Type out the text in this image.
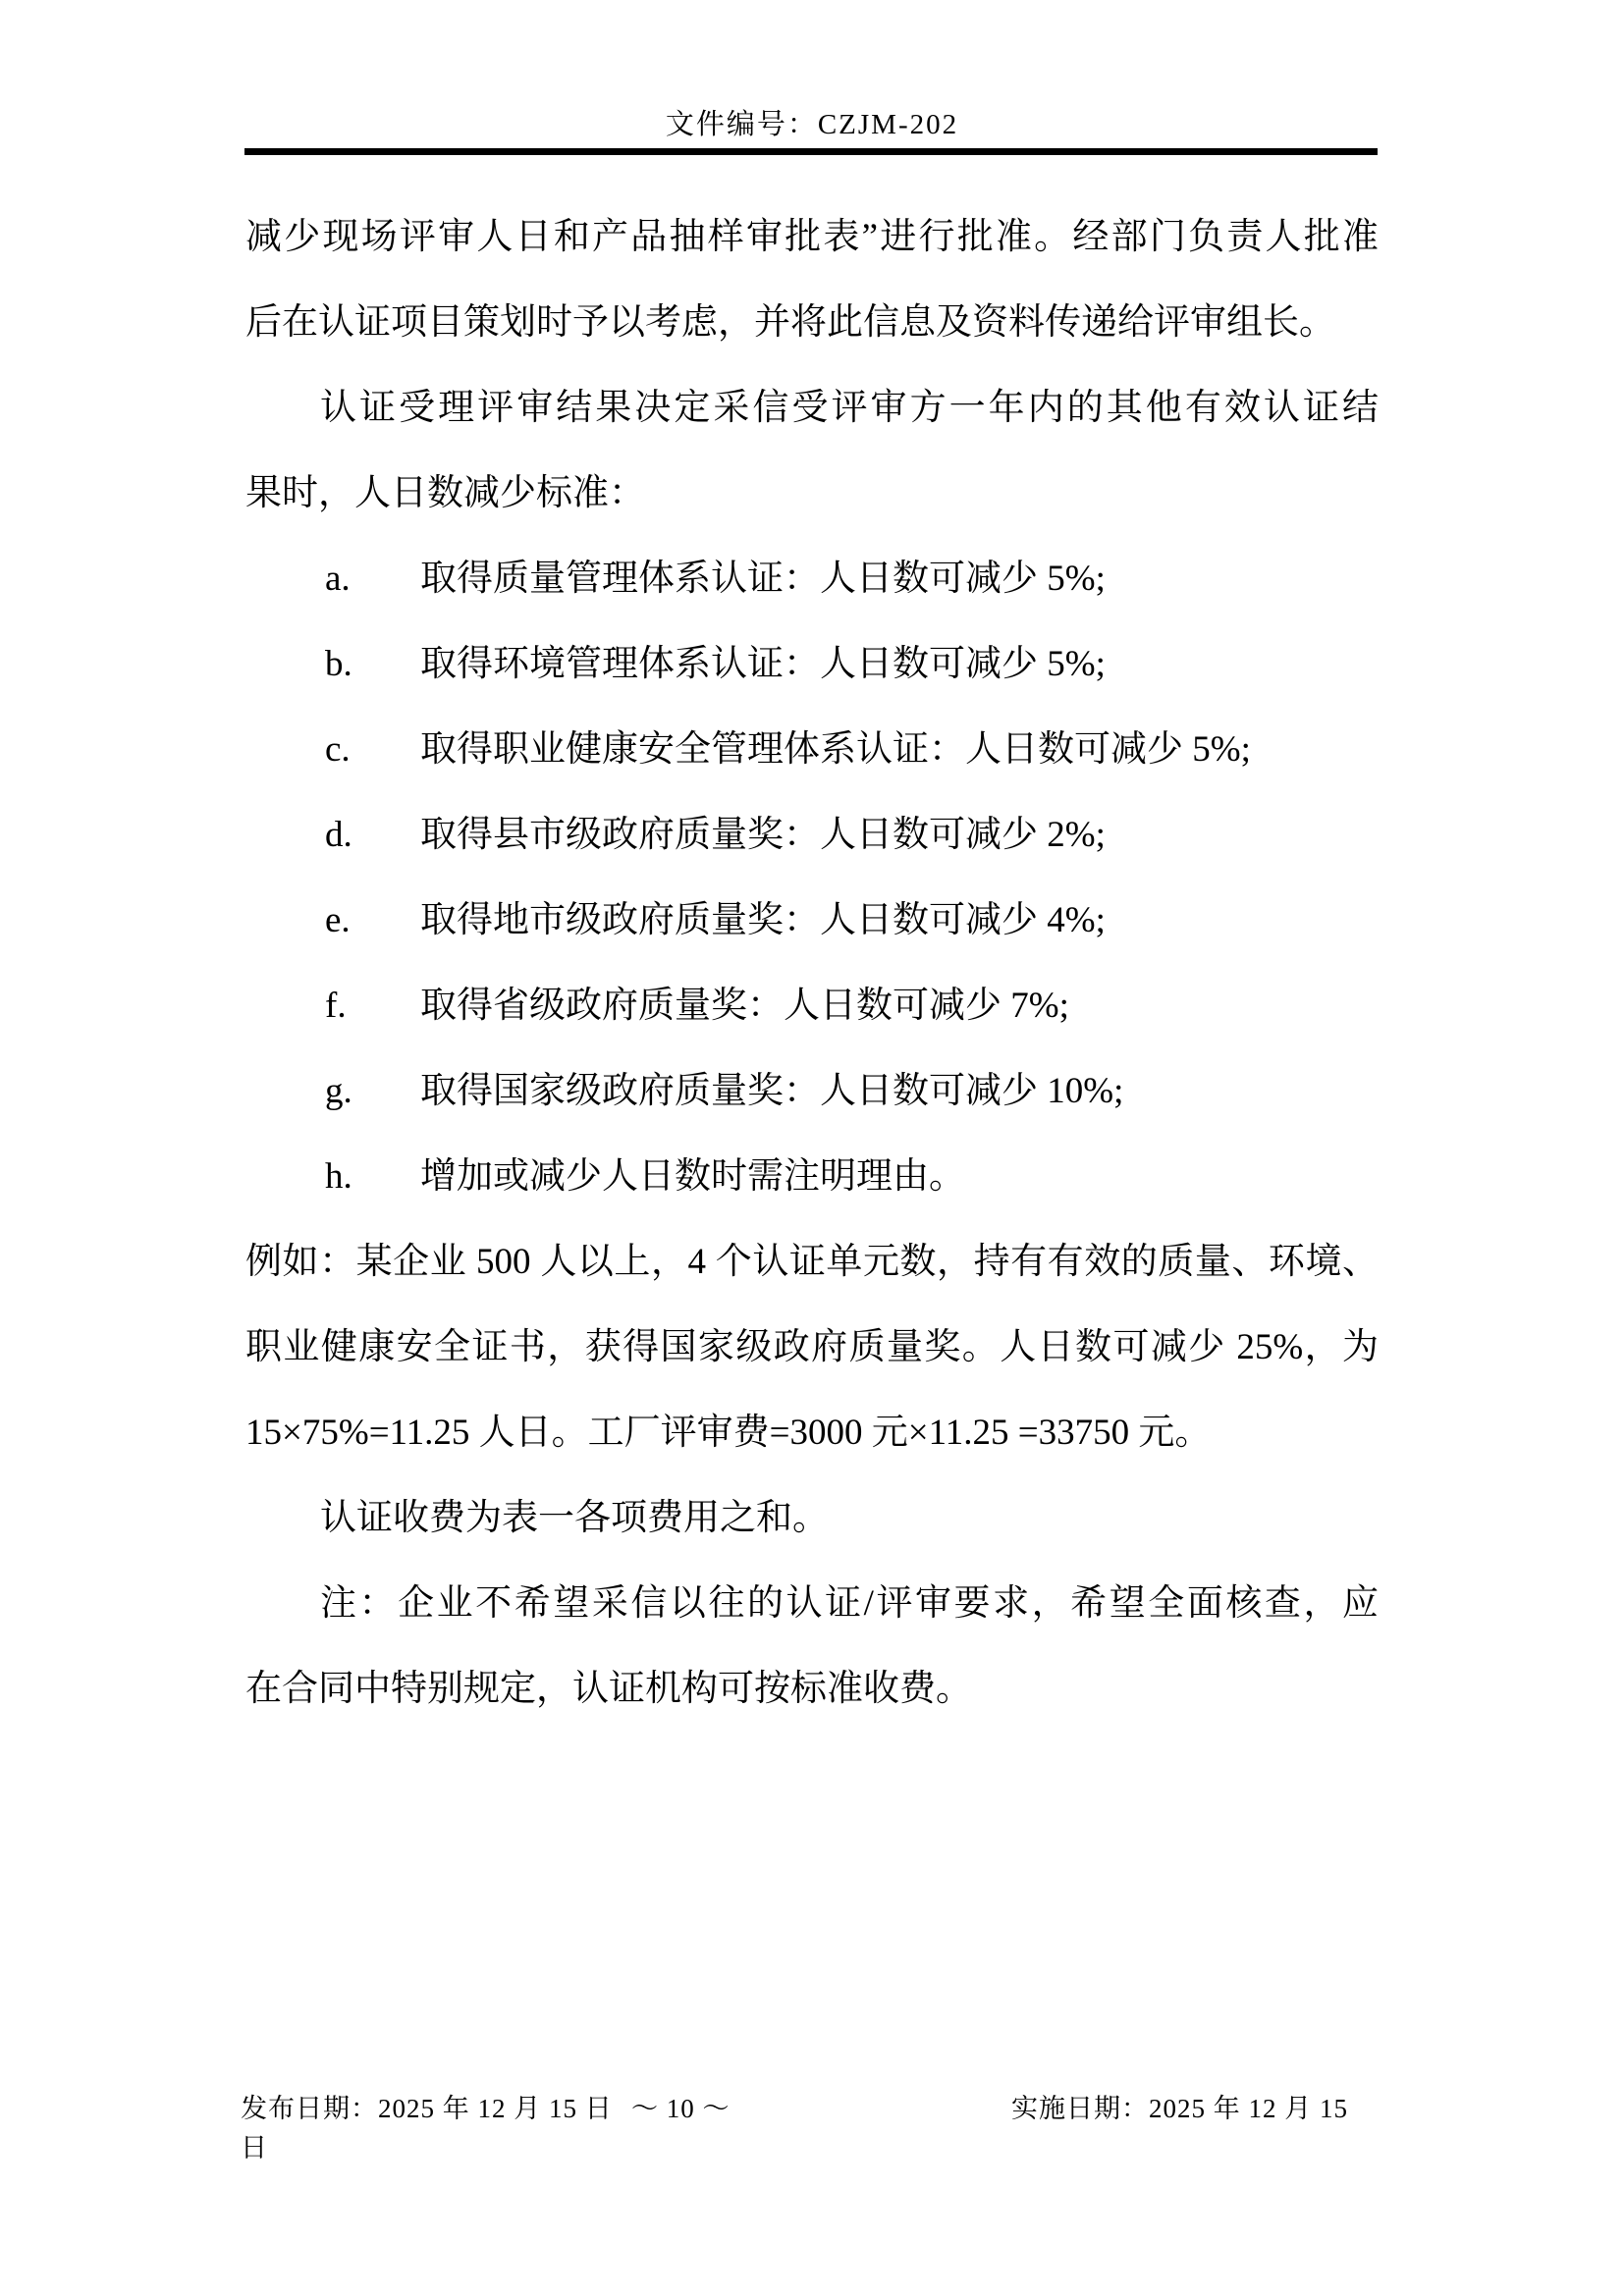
文件编号：CZJM-202
减少现场评审人日和产品抽样审批表”进行批准。经部门负责人批准
后在认证项目策划时予以考虑，并将此信息及资料传递给评审组长。
认证受理评审结果决定采信受评审方一年内的其他有效认证结
果时，人日数减少标准：
a. 取得质量管理体系认证：人日数可减少 5%;
b. 取得环境管理体系认证：人日数可减少 5%;
c. 取得职业健康安全管理体系认证：人日数可减少 5%;
d. 取得县市级政府质量奖：人日数可减少 2%;
e. 取得地市级政府质量奖：人日数可减少 4%;
f. 取得省级政府质量奖：人日数可减少 7%;
g. 取得国家级政府质量奖：人日数可减少 10%;
h. 增加或减少人日数时需注明理由。
例如：某企业 500 人以上，4 个认证单元数，持有有效的质量、环境、
职业健康安全证书，获得国家级政府质量奖。人日数可减少 25%，为
15×75%=11.25 人日。工厂评审费=3000 元×11.25 =33750 元。
认证收费为表一各项费用之和。
注：企业不希望采信以往的认证/评审要求，希望全面核查，应
在合同中特别规定，认证机构可按标准收费。
发布日期：2025 年 12 月 15 日 ～ 10 ～	实施日期：2025 年 12 月 15
日
